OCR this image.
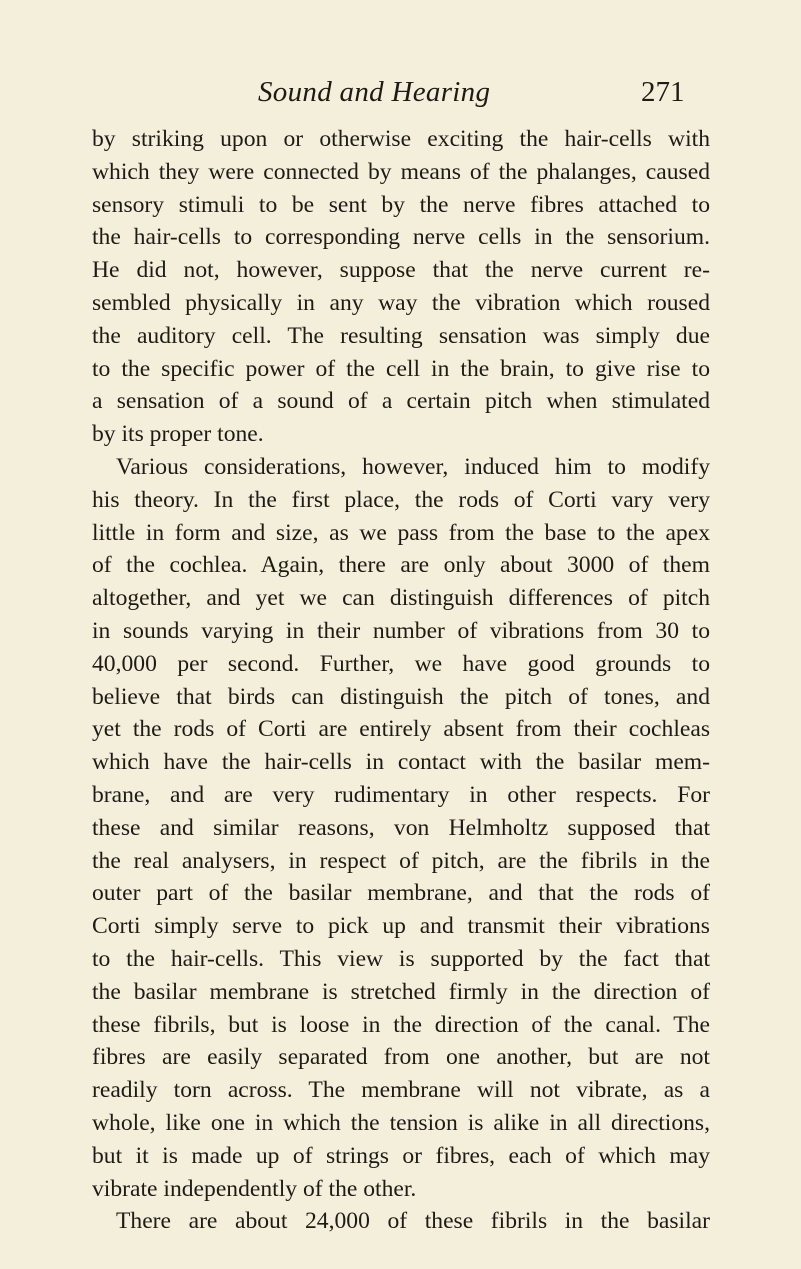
Sound and Hearing	271
by striking upon or otherwise exciting the hair-cells with
which they were connected by means of the phalanges, caused
sensory stimuli to be sent by the nerve fibres attached to
the hair-cells to corresponding nerve cells in the sensorium.
He did not, however, suppose that the nerve current re-
sembled physically in any way the vibration which roused
the auditory cell. The resulting sensation was simply due
to the specific power of the cell in the brain, to give rise to
a sensation of a sound of a certain pitch when stimulated
by its proper tone.
Various considerations, however, induced him to modify
his theory. In the first place, the rods of Corti vary very
little in form and size, as we pass from the base to the apex
of the cochlea. Again, there are only about 3000 of them
altogether, and yet we can distinguish differences of pitch
in sounds varying in their number of vibrations from 30 to
40,000 per second. Further, we have good grounds to
believe that birds can distinguish the pitch of tones, and
yet the rods of Corti are entirely absent from their cochleas
which have the hair-cells in contact with the basilar mem-
brane, and are very rudimentary in other respects. For
these and similar reasons, von Helmholtz supposed that
the real analysers, in respect of pitch, are the fibrils in the
outer part of the basilar membrane, and that the rods of
Corti simply serve to pick up and transmit their vibrations
to the hair-cells. This view is supported by the fact that
the basilar membrane is stretched firmly in the direction of
these fibrils, but is loose in the direction of the canal. The
fibres are easily separated from one another, but are not
readily torn across. The membrane will not vibrate, as a
whole, like one in which the tension is alike in all directions,
but it is made up of strings or fibres, each of which may
vibrate independently of the other.
There are about 24,000 of these fibrils in the basilar
